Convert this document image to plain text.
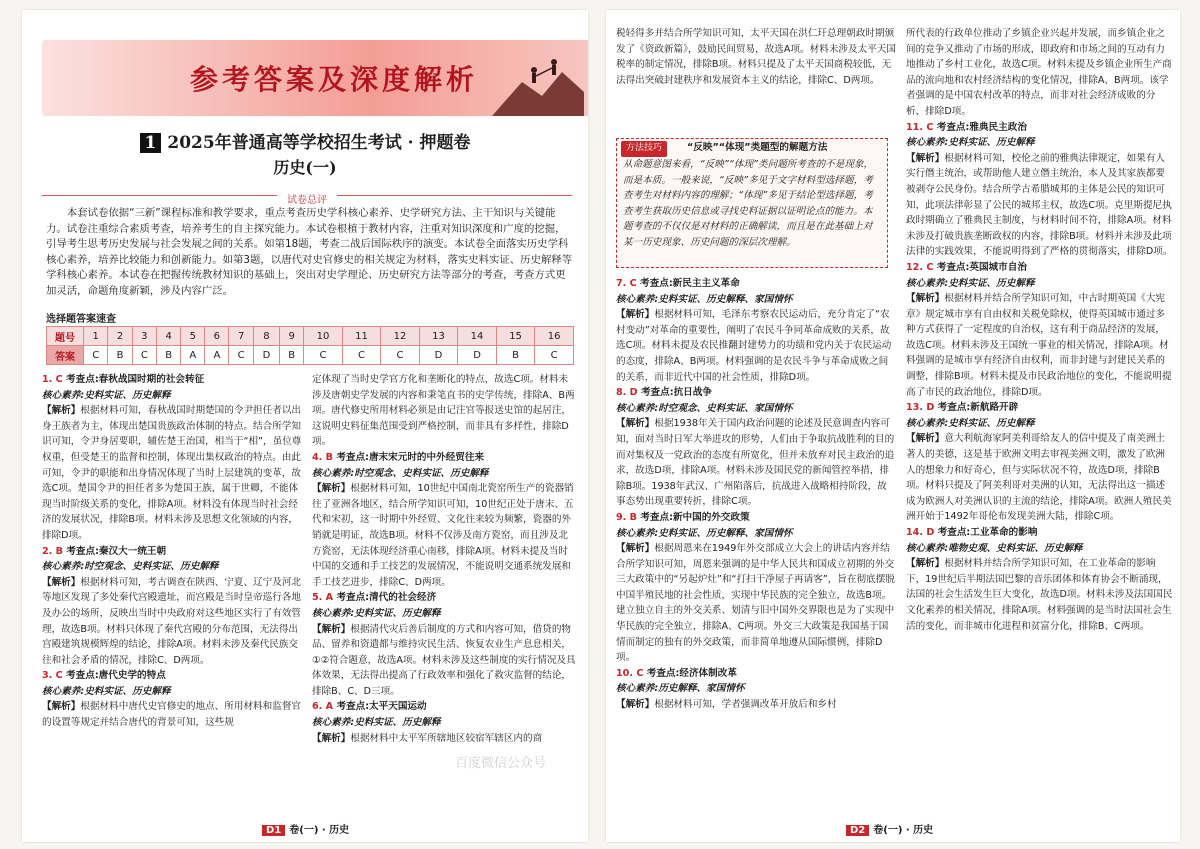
参考答案及深度解析
1 2025年普通高等学校招生考试 · 押题卷
历史(一)
试卷总评
本套试卷依据“三新”课程标准和教学要求，重点考查历史学科核心素养、史学研究方法、主干知识与关键能力。试卷注重综合素质考查，培养考生的自主探究能力。本试卷根植于教材内容，注重对知识深度和广度的挖掘，引导考生思考历史发展与社会发展之间的关系。如第18题，考查二战后国际秩序的演变。本试卷全面落实历史学科核心素养，培养比较能力和创新能力。如第3题，以唐代对史官修史的相关规定为材料，落实史料实证、历史解释等学科核心素养。本试卷在把握传统教材知识的基础上，突出对史学理论、历史研究方法等部分的考查，考查方式更加灵活，命题角度新颖，涉及内容广泛。
选择题答案速查
题号	1	2	3	4	5	6	7	8	9	10	11	12	13	14	15	16
答案	C	B	C	B	A	A	C	D	B	C	C	C	D	D	B	C

1. C 考查点:春秋战国时期的社会转征

核心素养:史料实证、历史解释

【解析】根据材料可知，春秋战国时期楚国的令尹担任者以出身王族者为主，体现出楚国贵族政治体制的特点。结合所学知识可知，令尹身居要职，辅佐楚王治国，相当于“相”，虽位尊权重，但受楚王的监督和控制，体现出集权政治的特点。由此可知，令尹的职能和出身情况体现了当时上层建筑的变革，故选C项。楚国令尹的担任者多为楚国王族，属于世卿，不能体现当时阶级关系的变化，排除A项。材料没有体现当时社会经济的发展状况，排除B项。材料未涉及思想文化领域的内容，排除D项。

2. B 考查点:秦汉大一统王朝

核心素养:时空观念、史料实证、历史解释

【解析】根据材料可知，考古调查在陕西、宁夏、辽宁及河北等地区发现了多处秦代宫殿遗址，而宫殿是当时皇帝巡行各地及办公的场所，反映出当时中央政府对这些地区实行了有效管理，故选B项。材料只体现了秦代宫殿的分布范围，无法得出宫殿建筑规模辉煌的结论，排除A项。材料未涉及秦代民族交往和社会矛盾的情况，排除C、D两项。

3. C 考查点:唐代史学的特点

核心素养:史料实证、历史解释

【解析】根据材料中唐代史官修史的地点、所用材料和监督官的设置等规定并结合唐代的背景可知，这些规

定体现了当时史学官方化和垄断化的特点，故选C项。材料未涉及唐朝史学发展的内容和秉笔直书的史学传统，排除A、B两项。唐代修史所用材料必须是由记注官等报送史馆的起居注，这说明史料征集范围受到严格控制，而非具有多样性，排除D项。

4. B 考查点:唐末宋元时的中外经贸往来

核心素养:时空观念、史料实证、历史解释

【解析】根据材料可知，10世纪中国南北瓷窑所生产的瓷器销往了亚洲各地区，结合所学知识可知，10世纪正处于唐末、五代和宋初，这一时期中外经贸、文化往来较为频繁，瓷器的外销就是明证，故选B项。材料不仅涉及南方瓷窑，而且涉及北方瓷窑，无法体现经济重心南移，排除A项。材料未提及当时中国的交通和手工技艺的发展情况，不能说明交通系统发展和手工技艺进步，排除C、D两项。

5. A 考查点:清代的社会经济

核心素养:史料实证、历史解释

【解析】根据清代灾后善后制度的方式和内容可知，借贷的物品、留养和资遣都与维持灾民生活、恢复农业生产息息相关，①②符合题意，故选A项。材料未涉及这些制度的实行情况及具体效果，无法得出提高了行政效率和强化了救灾监督的结论，排除B、C、D三项。

6. A 考查点:太平天国运动

核心素养:史料实证、历史解释

【解析】根据材料中太平军所辖地区较宿军辖区内的商

D1 卷(一) · 历史

税轻得多并结合所学知识可知，太平天国在洪仁玕总理朝政时期颁发了《资政新篇》，鼓励民间贸易，故选A项。材料未涉及太平天国税率的制定情况，排除B项。材料只提及了太平天国商税较低，无法得出突破封建秩序和发展资本主义的结论，排除C、D两项。

方法技巧	“反映”“体现”类题型的解题方法
从命题意图来看，“反映”“体现”类问题所考查的不是现象，而是本质。一般来说，“反映”多见于文字材料型选择题，考查考生对材料内容的理解；“体现”多见于结论型选择题，考查考生获取历史信息或寻找史料证据以证明论点的能力。本题考查的不仅仅是对材料的正确解读，而且是在此基础上对某一历史现象、历史问题的深层次理解。

7. C 考查点:新民主主义革命

核心素养:史料实证、历史解释、家国情怀

【解析】根据材料可知，毛泽东考察农民运动后，充分肯定了“农村变动”对革命的重要性，阐明了农民斗争同革命成败的关系，故选C项。材料未提及农民推翻封建势力的功绩和党内关于农民运动的态度，排除A、B两项。材料强调的是农民斗争与革命成败之间的关系，而非近代中国的社会性质，排除D项。

8. D 考查点:抗日战争

核心素养:时空观念、史料实证、家国情怀

【解析】根据1938年关于国内政治问题的论述及民意调查内容可知，面对当时日军大举进攻的形势，人们由于争取抗战胜利的目的而对集权及一党政治的态度有所宽化，但并未放弃对民主政治的追求，故选D项，排除A项。材料未涉及国民党的新闻管控举措，排除B项。1938年武汉、广州陷落后，抗战进入战略相持阶段，故事态势出现重要转折，排除C项。

9. B 考查点:新中国的外交政策

核心素养:史料实证、历史解释、家国情怀

【解析】根据周恩来在1949年外交部成立大会上的讲话内容并结合所学知识可知，周恩来强调的是中华人民共和国成立初期的外交三大政策中的“另起炉灶”和“打扫干净屋子再请客”，旨在彻底摆脱中国半殖民地的社会性质，实现中华民族的完全独立，故选B项。建立独立自主的外交关系、划清与旧中国外交界限也是为了实现中华民族的完全独立，排除A、C两项。外交三大政策是我国基于国情而制定的独有的外交政策，而非简单地遵从国际惯例，排除D项。

10. C 考查点:经济体制改革

核心素养:历史解释、家国情怀

【解析】根据材料可知，学者强调改革开放后和乡村

所代表的行政单位推动了乡镇企业兴起并发展，而乡镇企业之间的竞争又推动了市场的形成，即政府和市场之间的互动有力地推动了乡村工业化，故选C项。材料未提及乡镇企业所生产商品的流向地和农村经济结构的变化情况，排除A、B两项。该学者强调的是中国农村改革的特点，而非对社会经济成败的分析，排除D项。

11. C 考查点:雅典民主政治

核心素养:史料实证、历史解释

【解析】根据材料可知，校伦之前的雅典法律规定，如果有人实行僭主统治，或帮助他人建立僭主统治，本人及其家族都要被剥夺公民身份。结合所学古希腊城邦的主体是公民的知识可知，此项法律彰显了公民的城邦主权，故选C项。克里斯提尼执政时期确立了雅典民主制度，与材料时间不符，排除A项。材料未涉及打破贵族垄断政权的内容，排除B项。材料并未涉及此项法律的实践效果，不能说明得到了严格的贯彻落实，排除D项。

12. C 考查点:英国城市自治

核心素养:史料实证、历史解释

【解析】根据材料并结合所学知识可知，中古时期英国《大宪章》规定城市享有自由权和关税免除权，使得英国城市通过多种方式获得了一定程度的自治权，这有利于商品经济的发展，故选C项。材料未涉及王国统一事业的相关情况，排除A项。材料强调的是城市享有经济自由权利，而非封建与封建民关系的调整，排除B项。材料未提及市民政治地位的变化，不能说明提高了市民的政治地位，排除D项。

13. D 考查点:新航路开辟

核心素养:史料实证、历史解释

【解析】意大利航海家阿美利哥给友人的信中提及了南美洲土著人的美德，这是基于欧洲文明去审视美洲文明，激发了欧洲人的想象力和好奇心，但与实际状况不符，故选D项，排除B项。材料只提及了阿美利哥对美洲的认知，无法得出这一描述成为欧洲人对美洲认识的主流的结论，排除A项。欧洲人殖民美洲开始于1492年哥伦布发现美洲大陆，排除C项。

14. D 考查点:工业革命的影响

核心素养:唯物史观、史料实证、历史解释

【解析】根据材料并结合所学知识可知，在工业革命的影响下，19世纪后半期法国巴黎的音乐团体和体育协会不断涌现，法国的社会生活发生巨大变化，故选D项。材料未涉及法国国民文化素养的相关情况，排除A项。材料强调的是当时法国社会生活的变化，而非城市化进程和贫富分化，排除B、C两项。

D2 卷(一) · 历史
百度微信公众号
